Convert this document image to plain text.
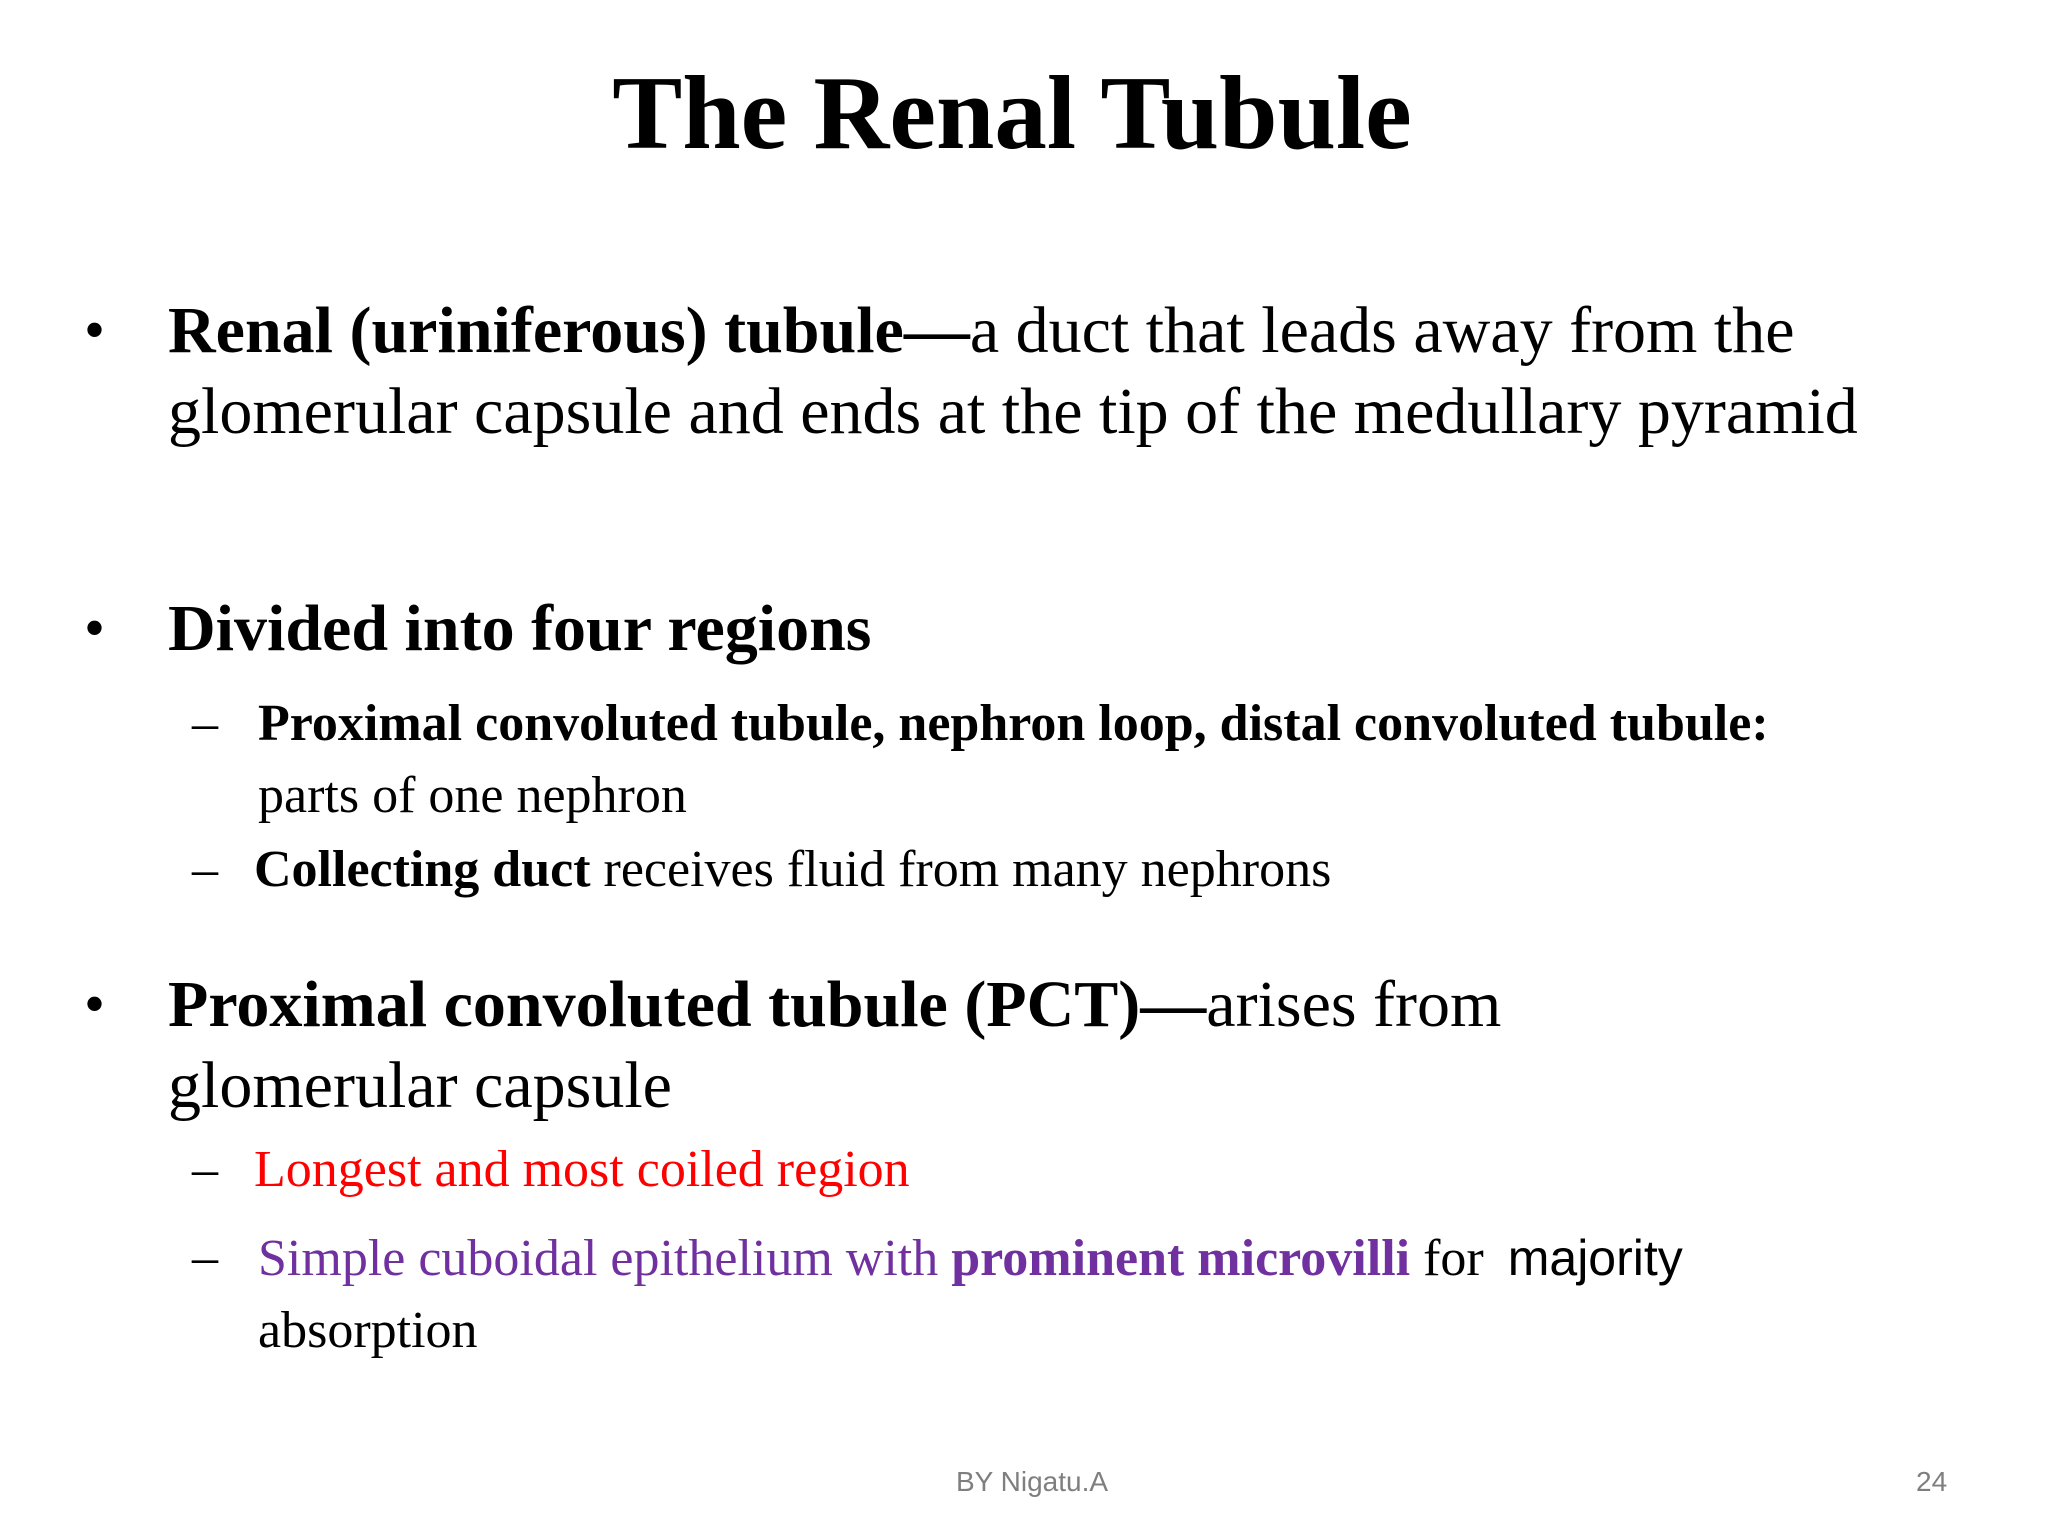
The Renal Tubule
• Renal (uriniferous) tubule—a duct that leads away from the glomerular capsule and ends at the tip of the medullary pyramid
• Divided into four regions
– Proximal convoluted tubule, nephron loop, distal convoluted tubule:
parts of one nephron
– Collecting duct receives fluid from many nephrons
• Proximal convoluted tubule (PCT)—arises from glomerular capsule
– Longest and most coiled region
– Simple cuboidal epithelium with prominent microvilli for majority
absorption
BY Nigatu.A	24
